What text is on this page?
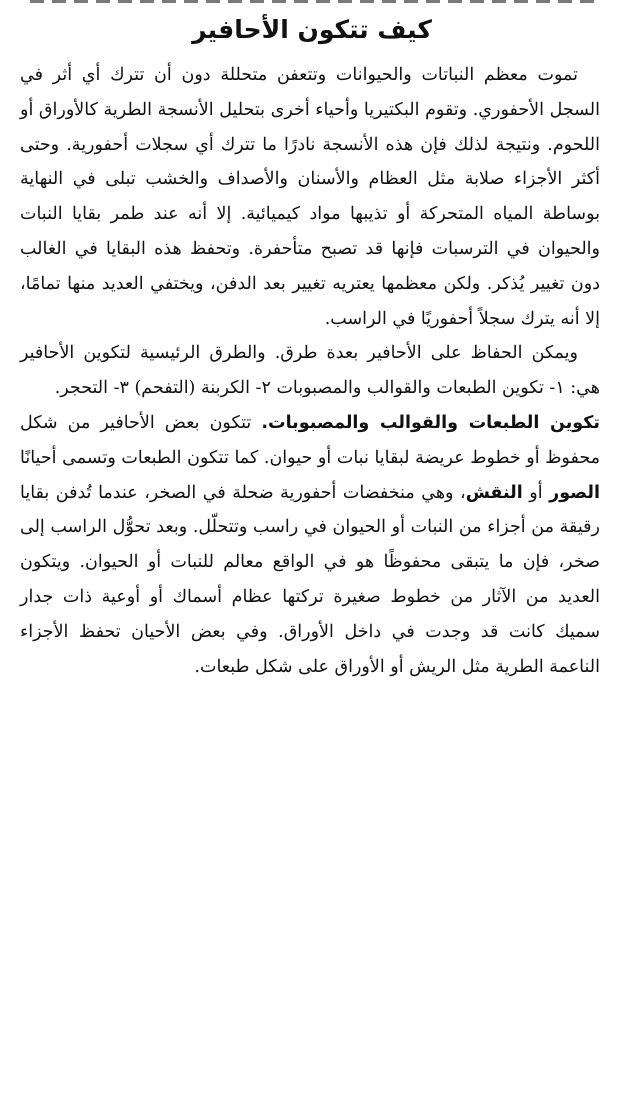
كيف تتكون الأحافير

تموت معظم النباتات والحيوانات وتتعفن متحللة دون أن تترك أي أثر في السجل الأحفوري. وتقوم البكتيريا وأحياء أخرى بتحليل الأنسجة الطرية كالأوراق أو اللحوم. ونتيجة لذلك فإن هذه الأنسجة نادرًا ما تترك أي سجلات أحفورية. وحتى أكثر الأجزاء صلابة مثل العظام والأسنان والأصداف والخشب تبلى في النهاية بوساطة المياه المتحركة أو تذيبها مواد كيميائية. إلا أنه عند طمر بقايا النبات والحيوان في الترسبات فإنها قد تصبح متأحفرة. وتحفظ هذه البقايا في الغالب دون تغيير يُذكر. ولكن معظمها يعتريه تغيير بعد الدفن، ويختفي العديد منها تمامًا، إلا أنه يترك سجلاً أحفوريًا في الراسب.

ويمكن الحفاظ على الأحافير بعدة طرق. والطرق الرئيسية لتكوين الأحافير هي: ١- تكوين الطبعات والقوالب والمصبوبات ٢- الكربنة (التفحم) ٣- التحجر.

تكوين الطبعات والقوالب والمصبوبات. تتكون بعض الأحافير من شكل محفوظ أو خطوط عريضة لبقايا نبات أو حيوان. كما تتكون الطبعات وتسمى أحيانًا الصور أو النقش، وهي منخفضات أحفورية ضحلة في الصخر، عندما تُدفن بقايا رقيقة من أجزاء من النبات أو الحيوان في راسب وتتحلّل. وبعد تحوُّل الراسب إلى صخر، فإن ما يتبقى محفوظًا هو في الواقع معالم للنبات أو الحيوان. ويتكون العديد من الآثار من خطوط صغيرة تركتها عظام أسماك أو أوعية ذات جدار سميك كانت قد وجدت في داخل الأوراق. وفي بعض الأحيان تحفظ الأجزاء الناعمة الطرية مثل الريش أو الأوراق على شكل طبعات.
